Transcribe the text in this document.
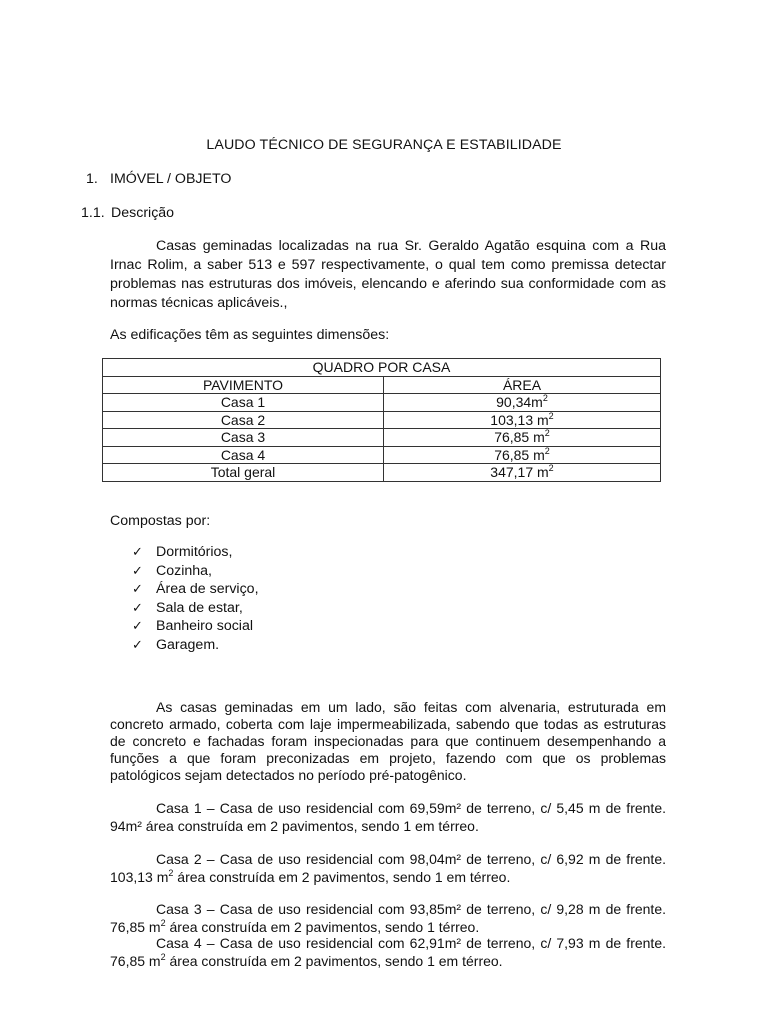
LAUDO TÉCNICO DE SEGURANÇA E ESTABILIDADE
1. IMÓVEL / OBJETO
1.1. Descrição
Casas geminadas localizadas na rua Sr. Geraldo Agatão esquina com a Rua Irnac Rolim, a saber 513 e 597 respectivamente, o qual tem como premissa detectar problemas nas estruturas dos imóveis, elencando e aferindo sua conformidade com as normas técnicas aplicáveis.,
As edificações têm as seguintes dimensões:
QUADRO POR CASA	
PAVIMENTO	ÁREA
Casa 1	$90,34m^2$
Casa 2	103,13 $m^2$
Casa 3	76,85 $m^2$
Casa 4	76,85 $m^2$
Total geral	347,17 $m^2$
Compostas por:
✓ Dormitórios,
✓ Cozinha,
✓ Área de serviço,
✓ Sala de estar,
✓ Banheiro social
✓ Garagem.
As casas geminadas em um lado, são feitas com alvenaria, estruturada em concreto armado, coberta com laje impermeabilizada, sabendo que todas as estruturas de concreto e fachadas foram inspecionadas para que continuem desempenhando a funções a que foram preconizadas em projeto, fazendo com que os problemas patológicos sejam detectados no período pré-patogênico.
Casa 1 – Casa de uso residencial com 69,59m² de terreno, c/ 5,45 m de frente. 94m² área construída em 2 pavimentos, sendo 1 em térreo.
Casa 2 – Casa de uso residencial com 98,04m² de terreno, c/ 6,92 m de frente. 103,13 $m^2$ área construída em 2 pavimentos, sendo 1 em térreo.
Casa 3 – Casa de uso residencial com 93,85m² de terreno, c/ 9,28 m de frente. 76,85 $m^2$ área construída em 2 pavimentos, sendo 1 térreo.
Casa 4 – Casa de uso residencial com 62,91m² de terreno, c/ 7,93 m de frente. 76,85 $m^2$ área construída em 2 pavimentos, sendo 1 em térreo.
